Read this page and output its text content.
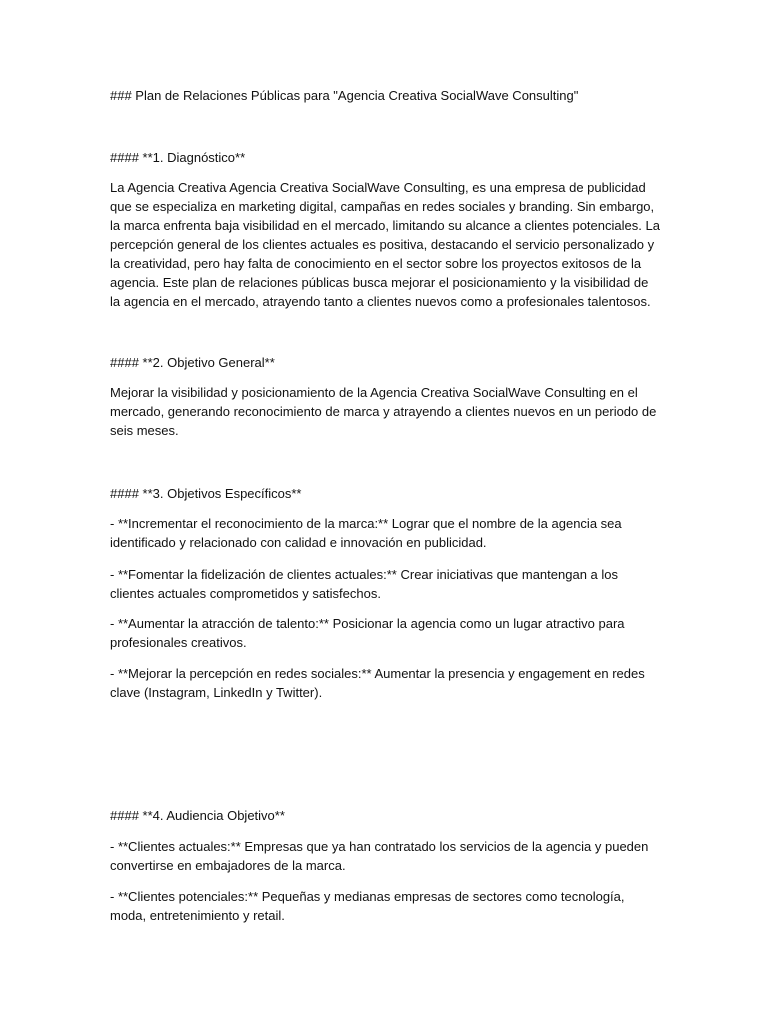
### Plan de Relaciones Públicas para "Agencia Creativa SocialWave Consulting"

#### **1. Diagnóstico**

La Agencia Creativa Agencia Creativa SocialWave Consulting, es una empresa de publicidad que se especializa en marketing digital, campañas en redes sociales y branding. Sin embargo, la marca enfrenta baja visibilidad en el mercado, limitando su alcance a clientes potenciales. La percepción general de los clientes actuales es positiva, destacando el servicio personalizado y la creatividad, pero hay falta de conocimiento en el sector sobre los proyectos exitosos de la agencia. Este plan de relaciones públicas busca mejorar el posicionamiento y la visibilidad de la agencia en el mercado, atrayendo tanto a clientes nuevos como a profesionales talentosos.

#### **2. Objetivo General**

Mejorar la visibilidad y posicionamiento de la Agencia Creativa SocialWave Consulting en el mercado, generando reconocimiento de marca y atrayendo a clientes nuevos en un periodo de seis meses.

#### **3. Objetivos Específicos**

- **Incrementar el reconocimiento de la marca:** Lograr que el nombre de la agencia sea identificado y relacionado con calidad e innovación en publicidad.

- **Fomentar la fidelización de clientes actuales:** Crear iniciativas que mantengan a los clientes actuales comprometidos y satisfechos.

- **Aumentar la atracción de talento:** Posicionar la agencia como un lugar atractivo para profesionales creativos.

- **Mejorar la percepción en redes sociales:** Aumentar la presencia y engagement en redes clave (Instagram, LinkedIn y Twitter).

#### **4. Audiencia Objetivo**

- **Clientes actuales:** Empresas que ya han contratado los servicios de la agencia y pueden convertirse en embajadores de la marca.

- **Clientes potenciales:** Pequeñas y medianas empresas de sectores como tecnología, moda, entretenimiento y retail.
